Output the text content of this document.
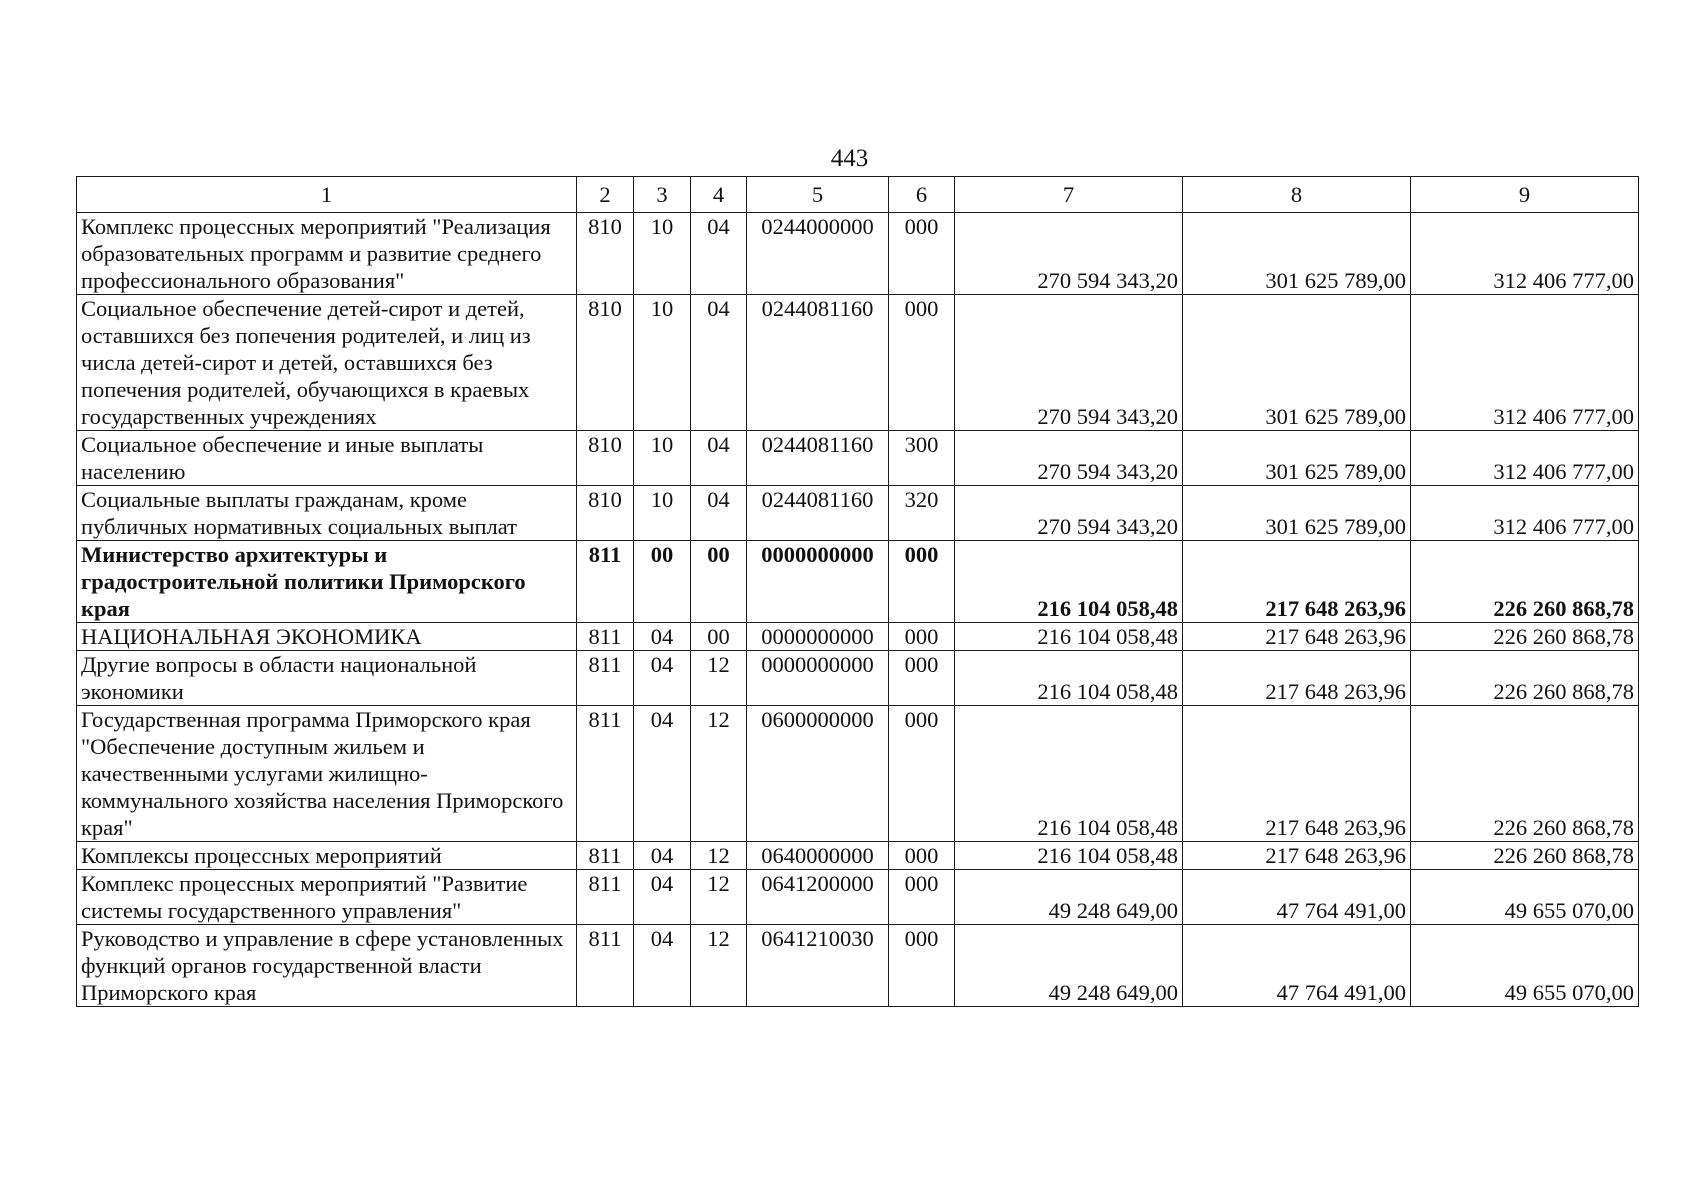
443
1	2	3	4	5	6	7	8	9
Комплекс процессных мероприятий "Реализация образовательных программ и развитие среднего профессионального образования"	810	10	04	0244000000	000	270 594 343,20	301 625 789,00	312 406 777,00
Социальное обеспечение детей-сирот и детей, оставшихся без попечения родителей, и лиц из числа детей-сирот и детей, оставшихся без попечения родителей, обучающихся в краевых государственных учреждениях	810	10	04	0244081160	000	270 594 343,20	301 625 789,00	312 406 777,00
Социальное обеспечение и иные выплаты населению	810	10	04	0244081160	300	270 594 343,20	301 625 789,00	312 406 777,00
Социальные выплаты гражданам, кроме публичных нормативных социальных выплат	810	10	04	0244081160	320	270 594 343,20	301 625 789,00	312 406 777,00
Министерство архитектуры и градостроительной политики Приморского края	811	00	00	0000000000	000	216 104 058,48	217 648 263,96	226 260 868,78
НАЦИОНАЛЬНАЯ ЭКОНОМИКА	811	04	00	0000000000	000	216 104 058,48	217 648 263,96	226 260 868,78
Другие вопросы в области национальной экономики	811	04	12	0000000000	000	216 104 058,48	217 648 263,96	226 260 868,78
Государственная программа Приморского края "Обеспечение доступным жильем и качественными услугами жилищно-коммунального хозяйства населения Приморского края"	811	04	12	0600000000	000	216 104 058,48	217 648 263,96	226 260 868,78
Комплексы процессных мероприятий	811	04	12	0640000000	000	216 104 058,48	217 648 263,96	226 260 868,78
Комплекс процессных мероприятий "Развитие системы государственного управления"	811	04	12	0641200000	000	49 248 649,00	47 764 491,00	49 655 070,00
Руководство и управление в сфере установленных функций органов государственной власти Приморского края	811	04	12	0641210030	000	49 248 649,00	47 764 491,00	49 655 070,00
